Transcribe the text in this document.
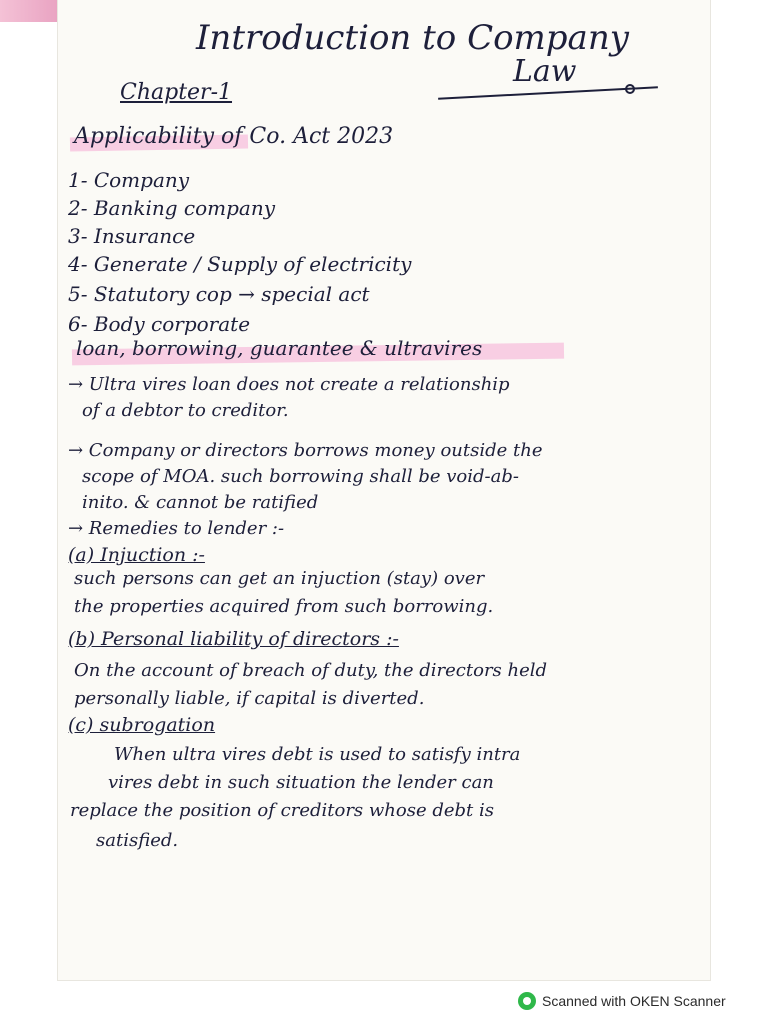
Introduction to Company
Law
Chapter-1
Applicability of Co. Act 2023
1- Company
2- Banking company
3- Insurance
4- Generate / Supply of electricity
5- Statutory cop → special act
6- Body corporate
loan, borrowing, guarantee & ultravires
→ Ultra vires loan does not create a relationship
of a debtor to creditor.
→ Company or directors borrows money outside the
scope of MOA. such borrowing shall be void-ab-
inito. & cannot be ratified
→ Remedies to lender :-
(a) Injuction :-
such persons can get an injuction (stay) over
the properties acquired from such borrowing.
(b) Personal liability of directors :-
On the account of breach of duty, the directors held
personally liable, if capital is diverted.
(c) subrogation
When ultra vires debt is used to satisfy intra
vires debt in such situation the lender can
replace the position of creditors whose debt is
satisfied.
Scanned with OKEN Scanner
